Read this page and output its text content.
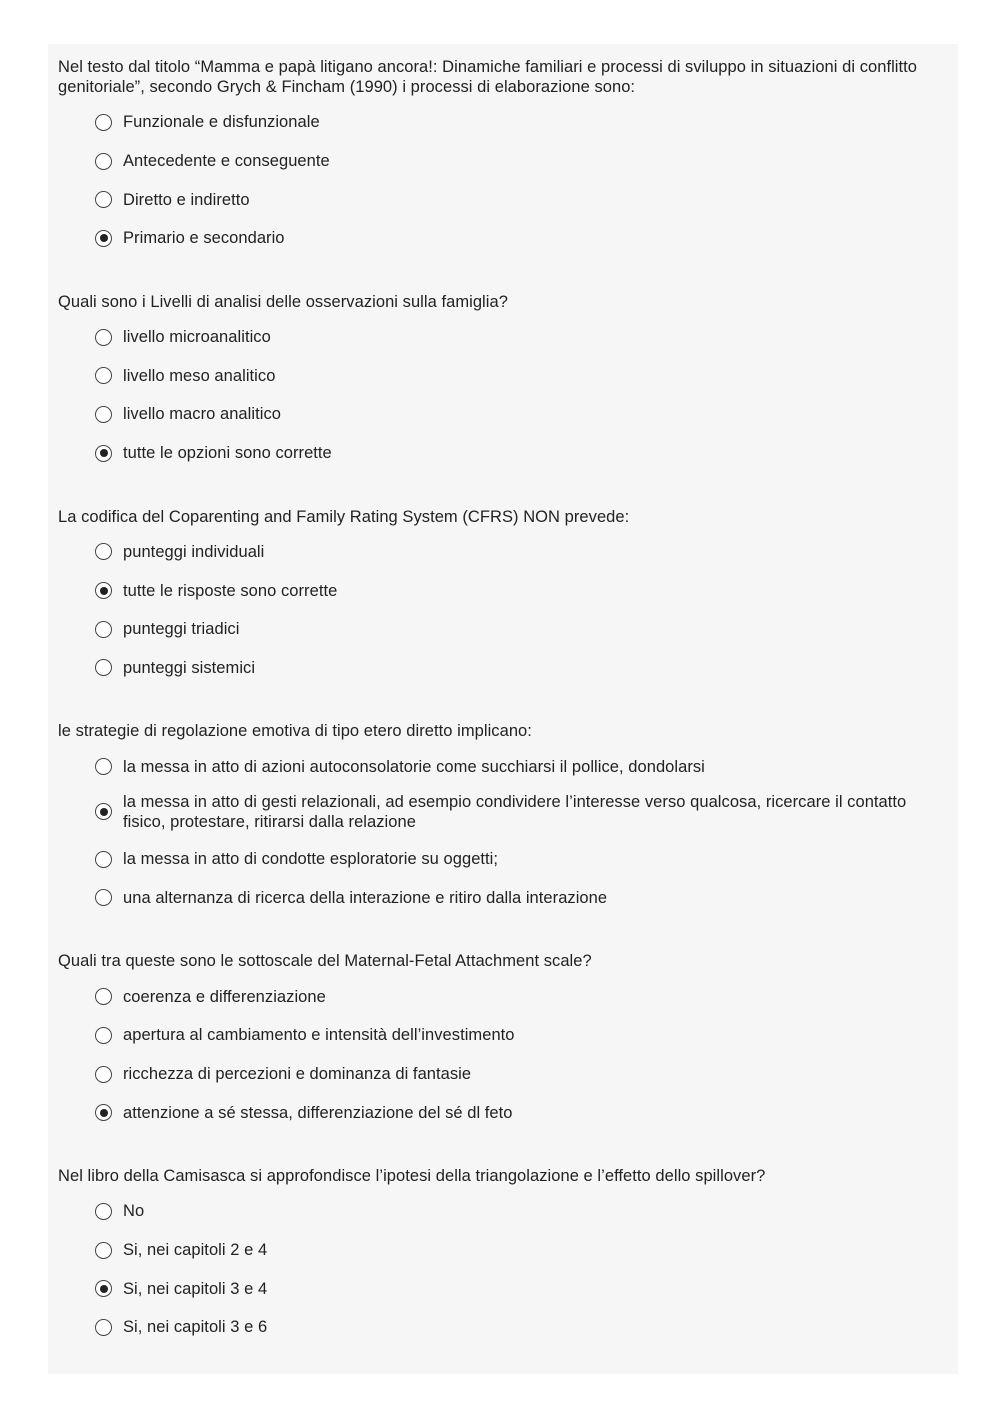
Nel testo dal titolo “Mamma e papà litigano ancora!: Dinamiche familiari e processi di sviluppo in situazioni di conflitto genitoriale”, secondo Grych & Fincham (1990) i processi di elaborazione sono:

Funzionale e disfunzionale
Antecedente e conseguente
Diretto e indiretto
Primario e secondario

Quali sono i Livelli di analisi delle osservazioni sulla famiglia?

livello microanalitico
livello meso analitico
livello macro analitico
tutte le opzioni sono corrette

La codifica del Coparenting and Family Rating System (CFRS) NON prevede:

punteggi individuali
tutte le risposte sono corrette
punteggi triadici
punteggi sistemici

le strategie di regolazione emotiva di tipo etero diretto implicano:

la messa in atto di azioni autoconsolatorie come succhiarsi il pollice, dondolarsi
la messa in atto di gesti relazionali, ad esempio condividere l’interesse verso qualcosa, ricercare il contatto fisico, protestare, ritirarsi dalla relazione
la messa in atto di condotte esploratorie su oggetti;
una alternanza di ricerca della interazione e ritiro dalla interazione

Quali tra queste sono le sottoscale del Maternal-Fetal Attachment scale?

coerenza e differenziazione
apertura al cambiamento e intensità dell’investimento
ricchezza di percezioni e dominanza di fantasie
attenzione a sé stessa, differenziazione del sé dl feto

Nel libro della Camisasca si approfondisce l’ipotesi della triangolazione e l’effetto dello spillover?

No
Si, nei capitoli 2 e 4
Si, nei capitoli 3 e 4
Si, nei capitoli 3 e 6
